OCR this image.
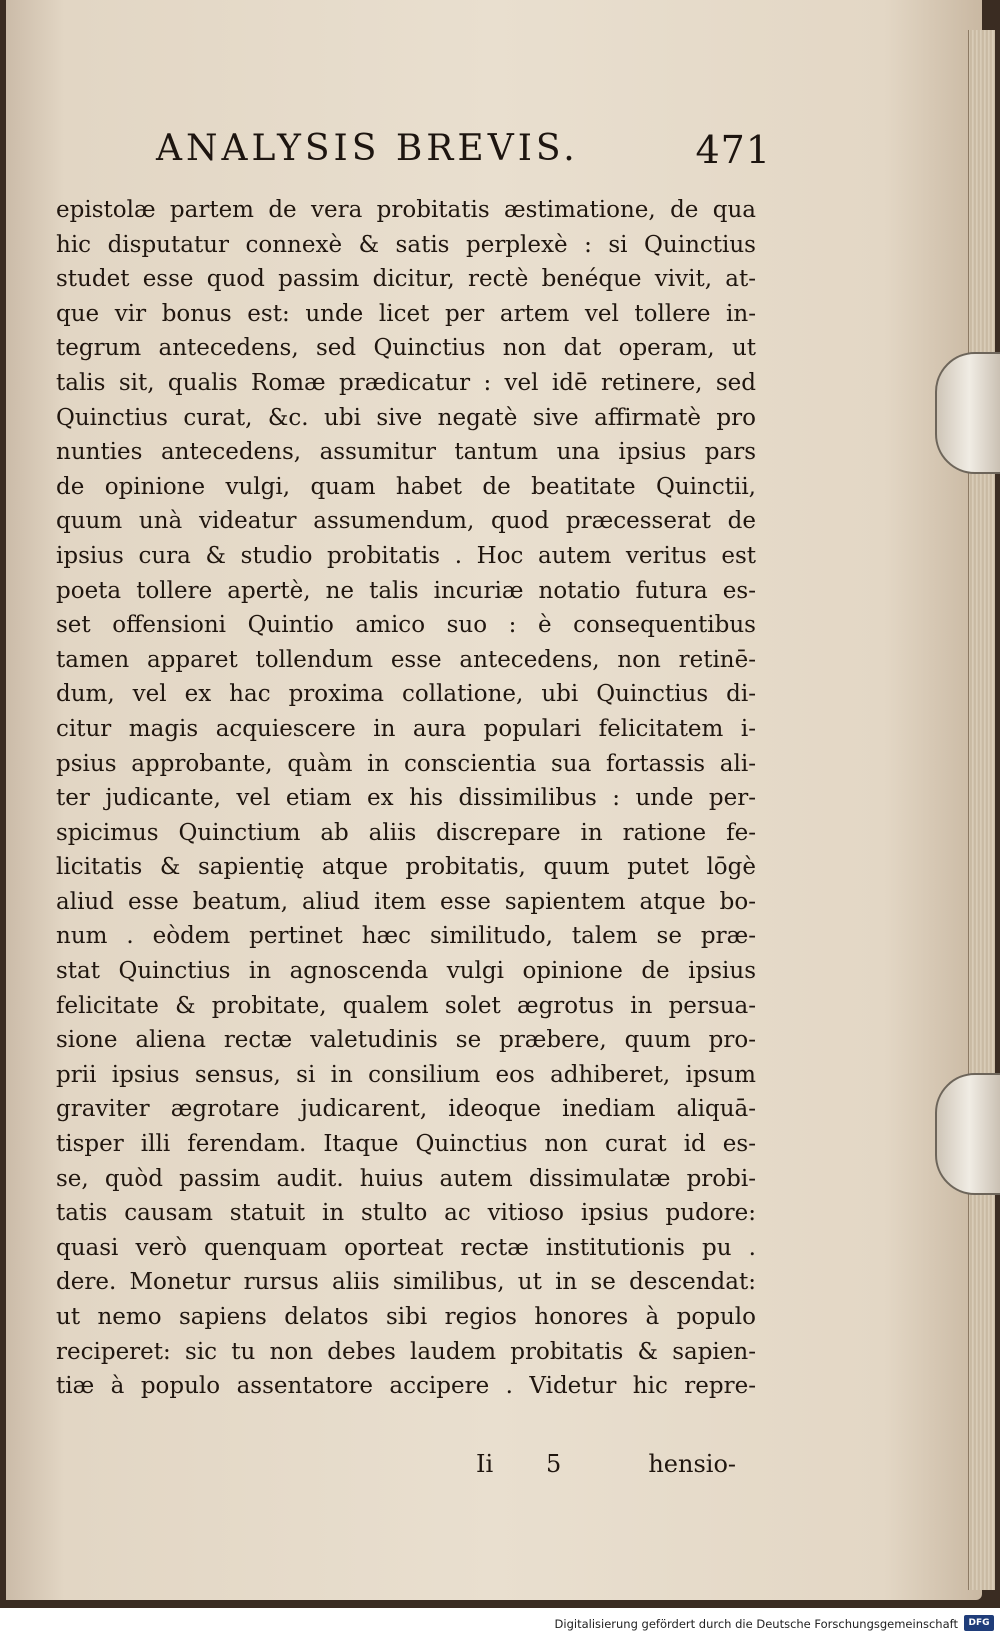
ANALYSIS BREVIS.	471
epistolæ partem de vera probitatis æstimatione, de qua
hic disputatur connexè & satis perplexè : si Quinctius
studet esse quod passim dicitur, rectè benéque vivit, at-
que vir bonus est: unde licet per artem vel tollere in-
tegrum antecedens, sed Quinctius non dat operam, ut
talis sit, qualis Romæ prædicatur : vel idē retinere, sed
Quinctius curat, &c. ubi sive negatè sive affirmatè pro
nunties antecedens, assumitur tantum una ipsius pars
de opinione vulgi, quam habet de beatitate Quinctii,
quum unà videatur assumendum, quod præcesserat de
ipsius cura & studio probitatis . Hoc autem veritus est
poeta tollere apertè, ne talis incuriæ notatio futura es-
set offensioni Quintio amico suo : è consequentibus
tamen apparet tollendum esse antecedens, non retinē-
dum, vel ex hac proxima collatione, ubi Quinctius di-
citur magis acquiescere in aura populari felicitatem i-
psius approbante, quàm in conscientia sua fortassis ali-
ter judicante, vel etiam ex his dissimilibus : unde per-
spicimus Quinctium ab aliis discrepare in ratione fe-
licitatis & sapientię atque probitatis, quum putet lōgè
aliud esse beatum, aliud item esse sapientem atque bo-
num . eòdem pertinet hæc similitudo, talem se præ-
stat Quinctius in agnoscenda vulgi opinione de ipsius
felicitate & probitate, qualem solet ægrotus in persua-
sione aliena rectæ valetudinis se præbere, quum pro-
prii ipsius sensus, si in consilium eos adhiberet, ipsum
graviter ægrotare judicarent, ideoque inediam aliquā-
tisper illi ferendam. Itaque Quinctius non curat id es-
se, quòd passim audit. huius autem dissimulatæ probi-
tatis causam statuit in stulto ac vitioso ipsius pudore:
quasi verò quenquam oporteat rectæ institutionis pu .
dere. Monetur rursus aliis similibus, ut in se descendat:
ut nemo sapiens delatos sibi regios honores à populo
reciperet: sic tu non debes laudem probitatis & sapien-
tiæ à populo assentatore accipere . Videtur hic repre-
Ii 5	hensio-
Digitalisierung gefördert durch die Deutsche Forschungsgemeinschaft	DFG
